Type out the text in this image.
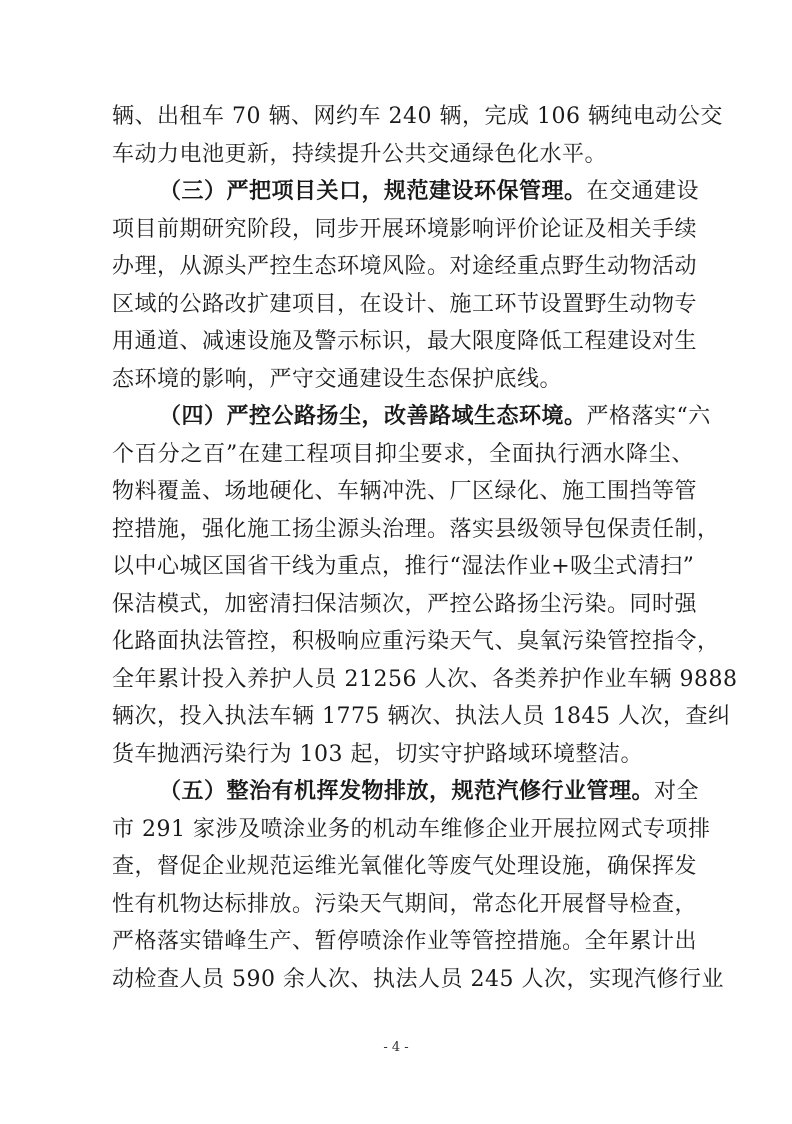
辆、出租车 70 辆、网约车 240 辆，完成 106 辆纯电动公交
车动力电池更新，持续提升公共交通绿色化水平。
（三）严把项目关口，规范建设环保管理。在交通建设
项目前期研究阶段，同步开展环境影响评价论证及相关手续
办理，从源头严控生态环境风险。对途经重点野生动物活动
区域的公路改扩建项目，在设计、施工环节设置野生动物专
用通道、减速设施及警示标识，最大限度降低工程建设对生
态环境的影响，严守交通建设生态保护底线。
（四）严控公路扬尘，改善路域生态环境。严格落实“六
个百分之百”在建工程项目抑尘要求，全面执行洒水降尘、
物料覆盖、场地硬化、车辆冲洗、厂区绿化、施工围挡等管
控措施，强化施工扬尘源头治理。落实县级领导包保责任制，
以中心城区国省干线为重点，推行“湿法作业+吸尘式清扫”
保洁模式，加密清扫保洁频次，严控公路扬尘污染。同时强
化路面执法管控，积极响应重污染天气、臭氧污染管控指令，
全年累计投入养护人员 21256 人次、各类养护作业车辆 9888
辆次，投入执法车辆 1775 辆次、执法人员 1845 人次，查纠
货车抛洒污染行为 103 起，切实守护路域环境整洁。
（五）整治有机挥发物排放，规范汽修行业管理。对全
市 291 家涉及喷涂业务的机动车维修企业开展拉网式专项排
查，督促企业规范运维光氧催化等废气处理设施，确保挥发
性有机物达标排放。污染天气期间，常态化开展督导检查，
严格落实错峰生产、暂停喷涂作业等管控措施。全年累计出
动检查人员 590 余人次、执法人员 245 人次，实现汽修行业
- 4 -
